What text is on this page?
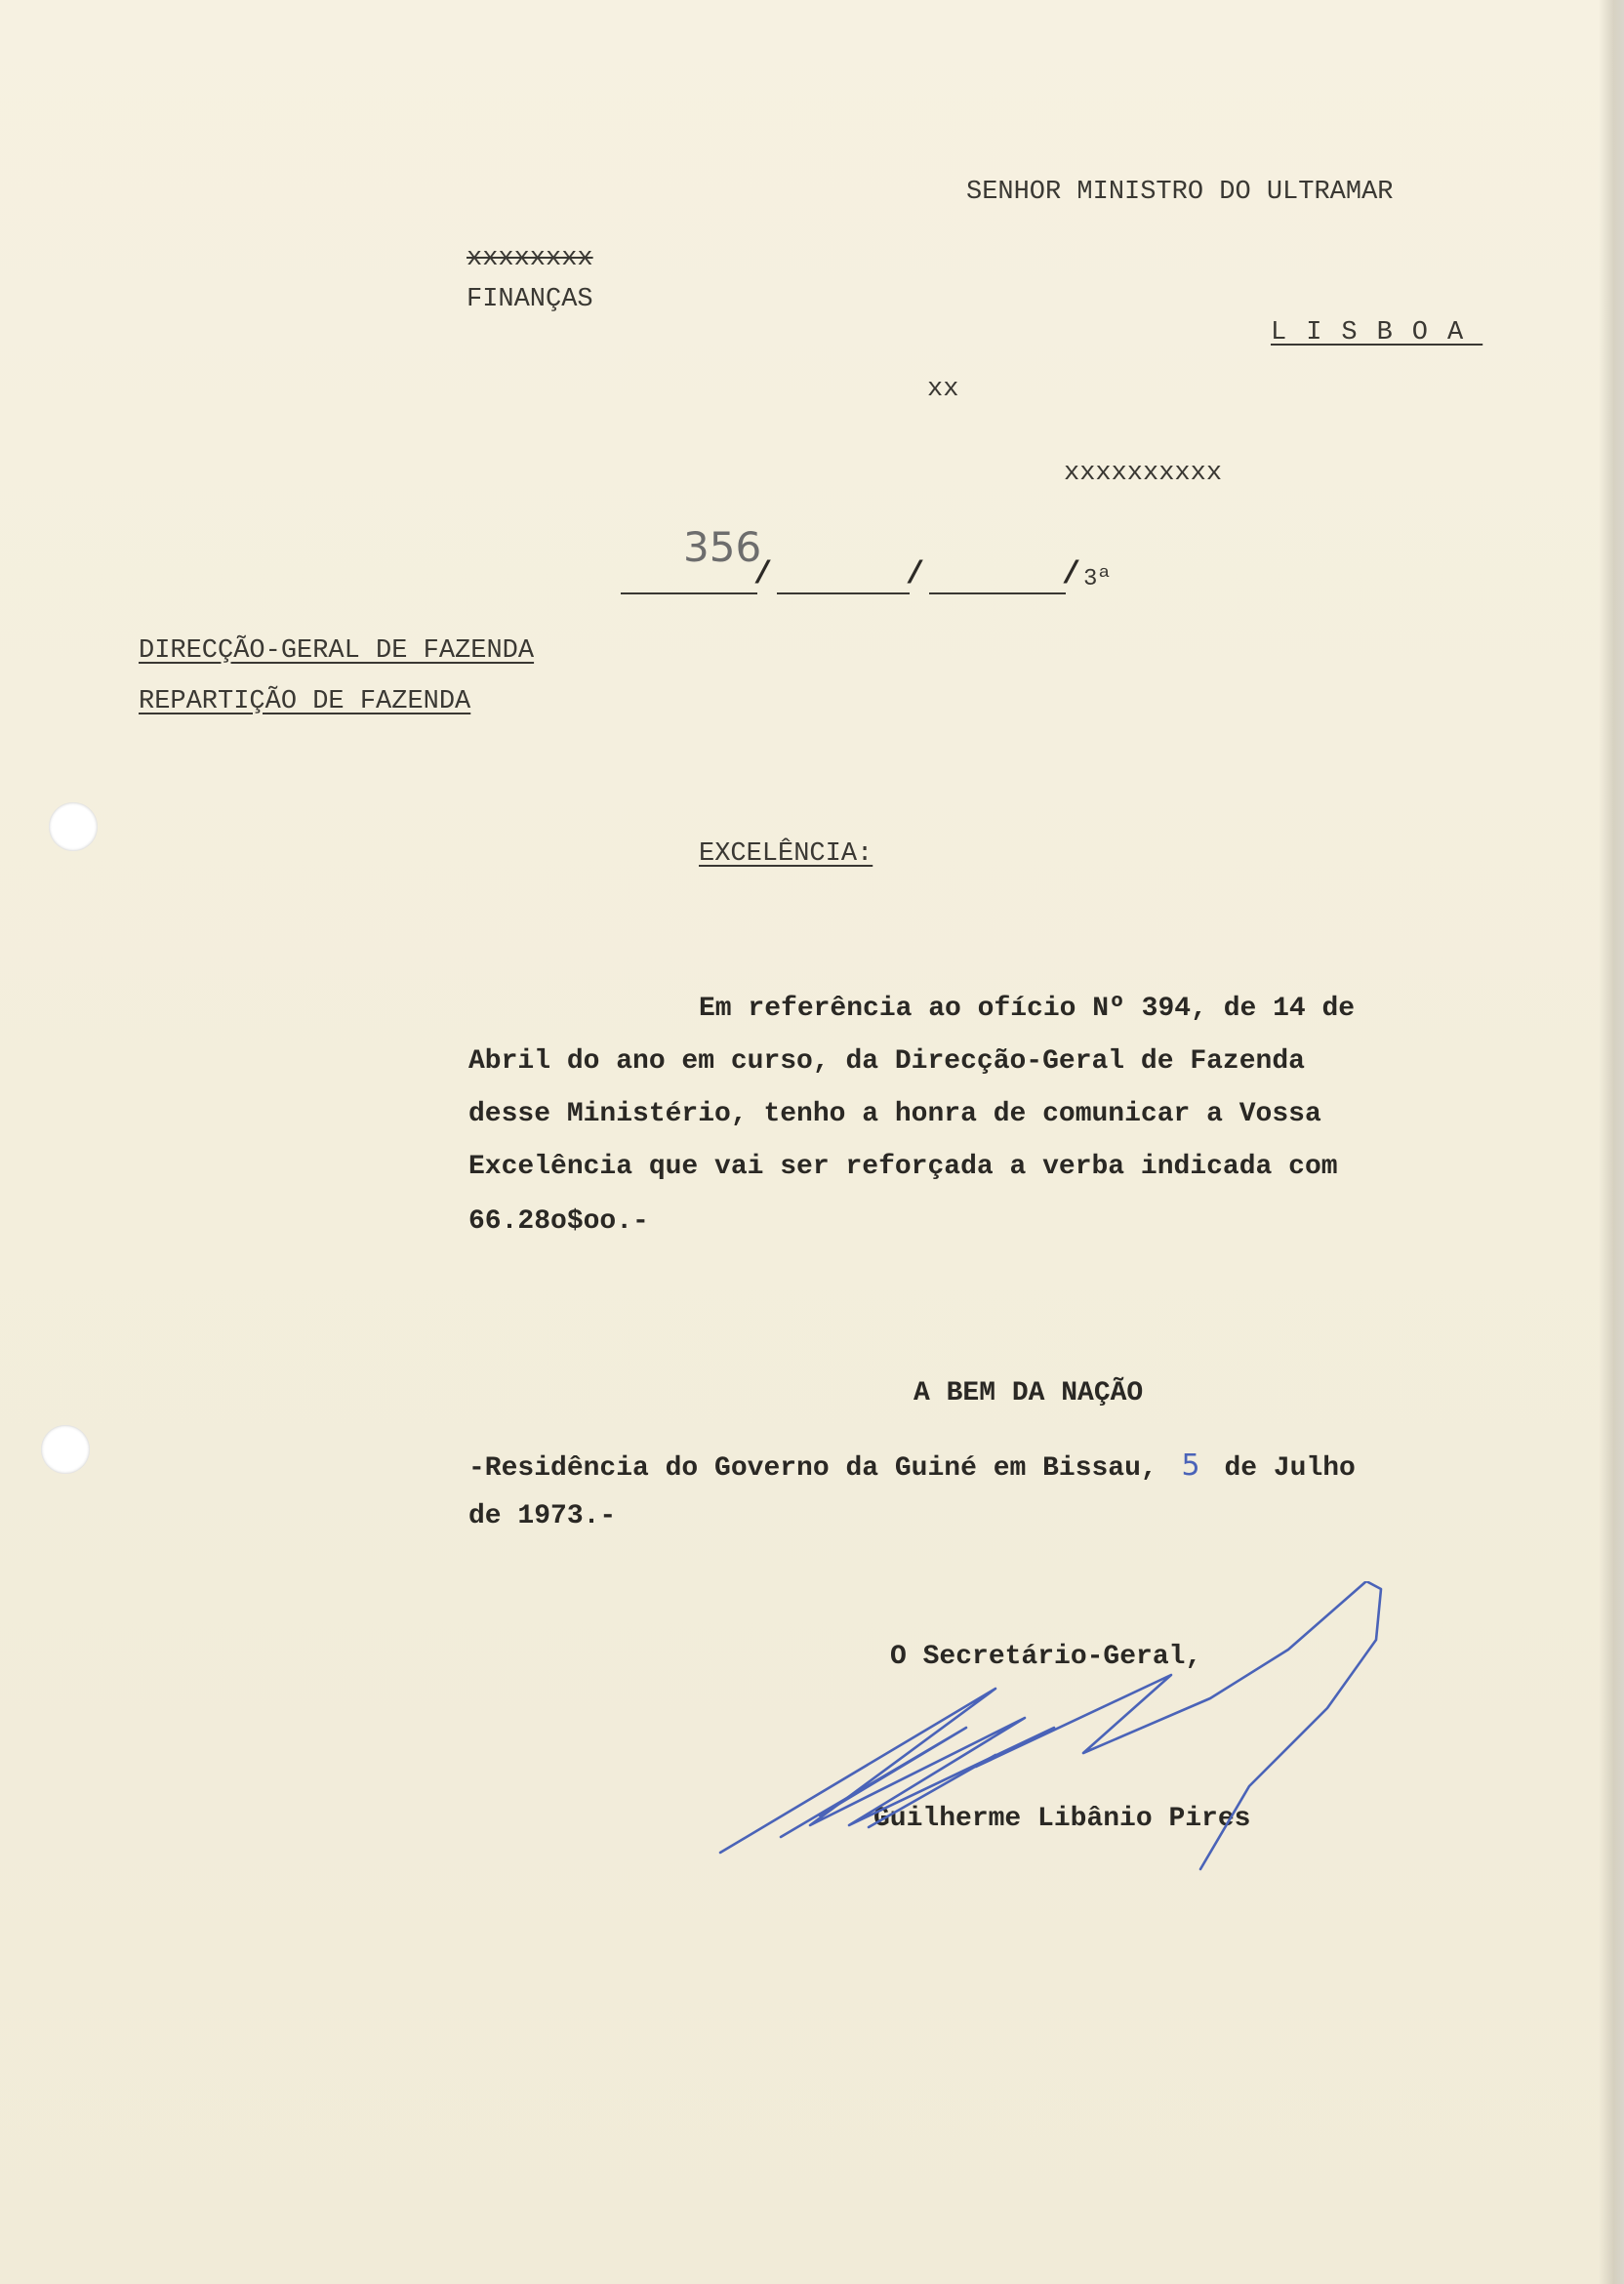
SENHOR MINISTRO DO ULTRAMAR
LISBOA
xxxxxxxx
FINANÇAS
xx
xxxxxxxxxx
356
/	/	/ 3ª
DIRECÇÃO-GERAL DE FAZENDA
REPARTIÇÃO DE FAZENDA
EXCELÊNCIA:
Em referência ao ofício Nº 394, de 14 de
Abril do ano em curso, da Direcção-Geral de Fazenda
desse Ministério, tenho a honra de comunicar a Vossa
Excelência que vai ser reforçada a verba indicada com
66.28o$oo.-
A BEM DA NAÇÃO
-Residência do Governo da Guiné em Bissau, 5 de Julho
de 1973.-
O Secretário-Geral,
Guilherme Libânio Pires
